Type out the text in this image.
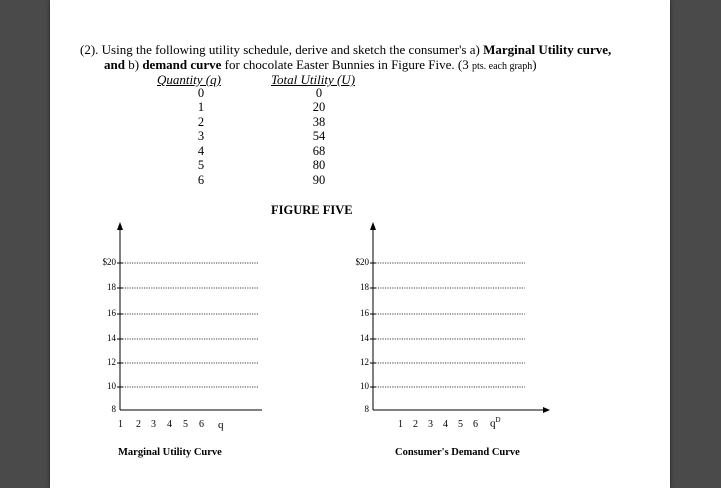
(2). Using the following utility schedule, derive and sketch the consumer's a) Marginal Utility curve,
and b) demand curve for chocolate Easter Bunnies in Figure Five. (3 pts. each graph)
Quantity (q)	Total Utility (U)
0	0
1	20
2	38
3	54
4	68
5	80
6	90
FIGURE FIVE
$20
18
16
14
12
10
8
1 2 3 4 5 6 q
Marginal Utility Curve
$20
18
16
14
12
10
8
1 2 3 4 5 6 $q^D$
Consumer's Demand Curve
